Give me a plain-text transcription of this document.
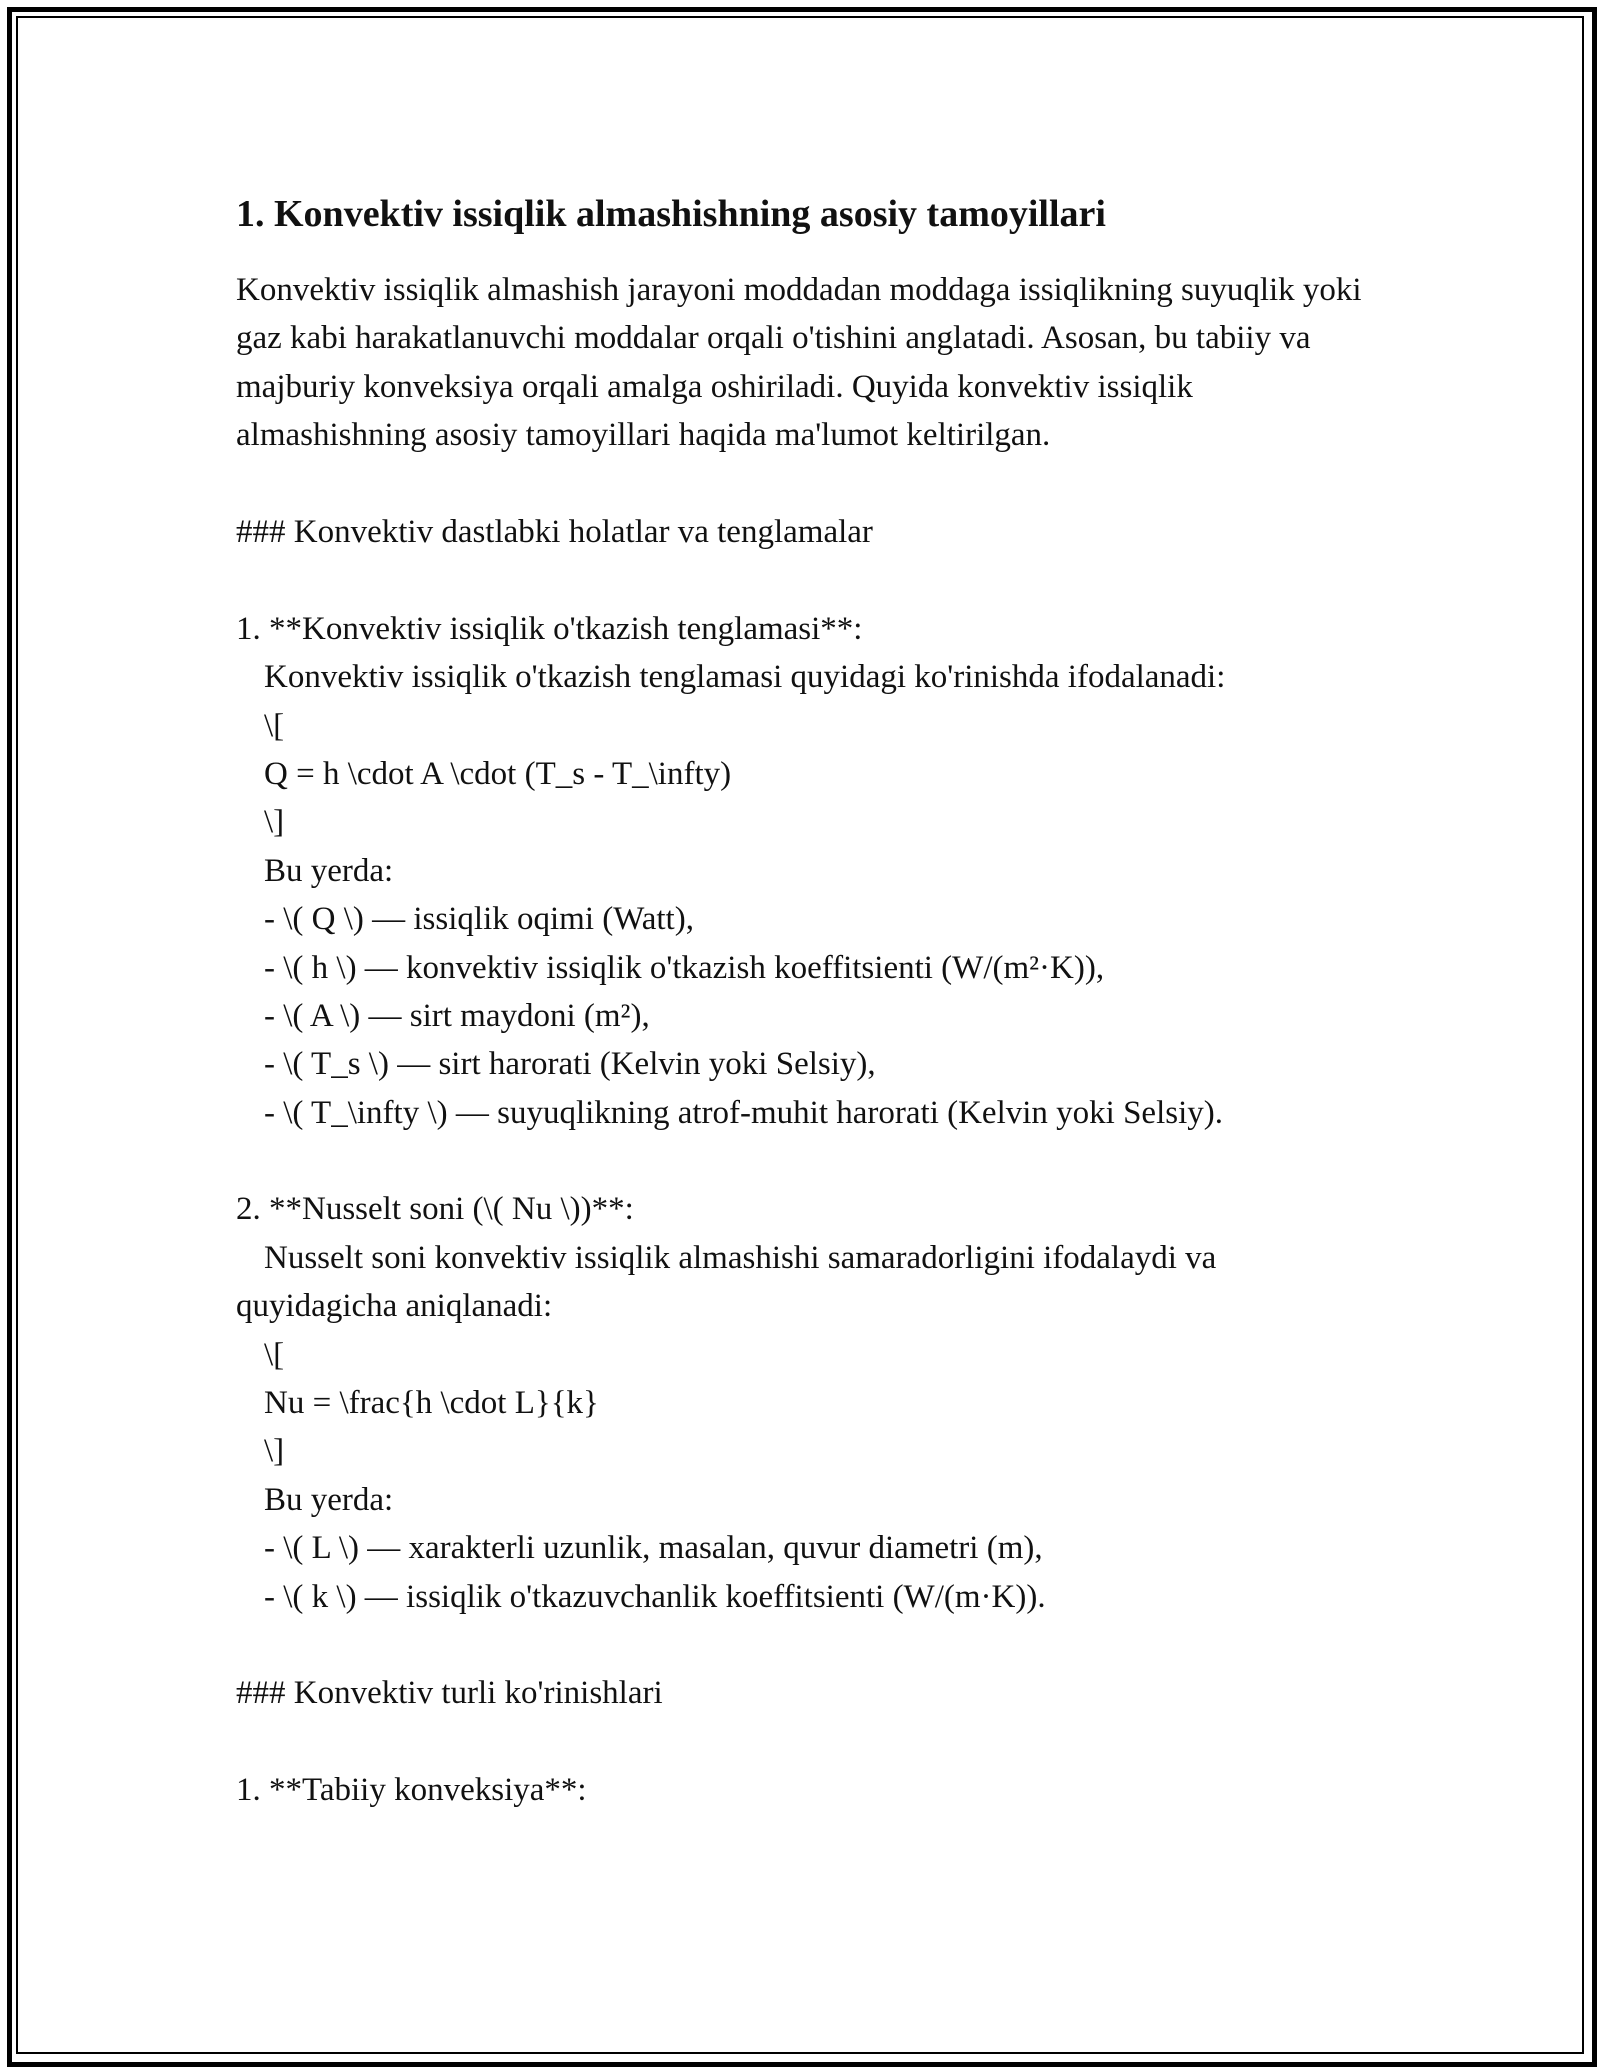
1. Konvektiv issiqlik almashishning asosiy tamoyillari

Konvektiv issiqlik almashish jarayoni moddadan moddaga issiqlikning suyuqlik yoki gaz kabi harakatlanuvchi moddalar orqali o'tishini anglatadi. Asosan, bu tabiiy va majburiy konveksiya orqali amalga oshiriladi. Quyida konvektiv issiqlik almashishning asosiy tamoyillari haqida ma'lumot keltirilgan.

### Konvektiv dastlabki holatlar va tenglamalar
1. **Konvektiv issiqlik o'tkazish tenglamasi**:
Konvektiv issiqlik o'tkazish tenglamasi quyidagi ko'rinishda ifodalanadi:
\[
Q = h \cdot A \cdot (T_s - T_\infty)
\]
Bu yerda:
- \( Q \) — issiqlik oqimi (Watt),
- \( h \) — konvektiv issiqlik o'tkazish koeffitsienti (W/(m²·K)),
- \( A \) — sirt maydoni (m²),
- \( T_s \) — sirt harorati (Kelvin yoki Selsiy),
- \( T_\infty \) — suyuqlikning atrof-muhit harorati (Kelvin yoki Selsiy).
2. **Nusselt soni (\( Nu \))**:
Nusselt soni konvektiv issiqlik almashishi samaradorligini ifodalaydi va
quyidagicha aniqlanadi:
\[
Nu = \frac{h \cdot L}{k}
\]
Bu yerda:
- \( L \) — xarakterli uzunlik, masalan, quvur diametri (m),
- \( k \) — issiqlik o'tkazuvchanlik koeffitsienti (W/(m·K)).
### Konvektiv turli ko'rinishlari
1. **Tabiiy konveksiya**:
